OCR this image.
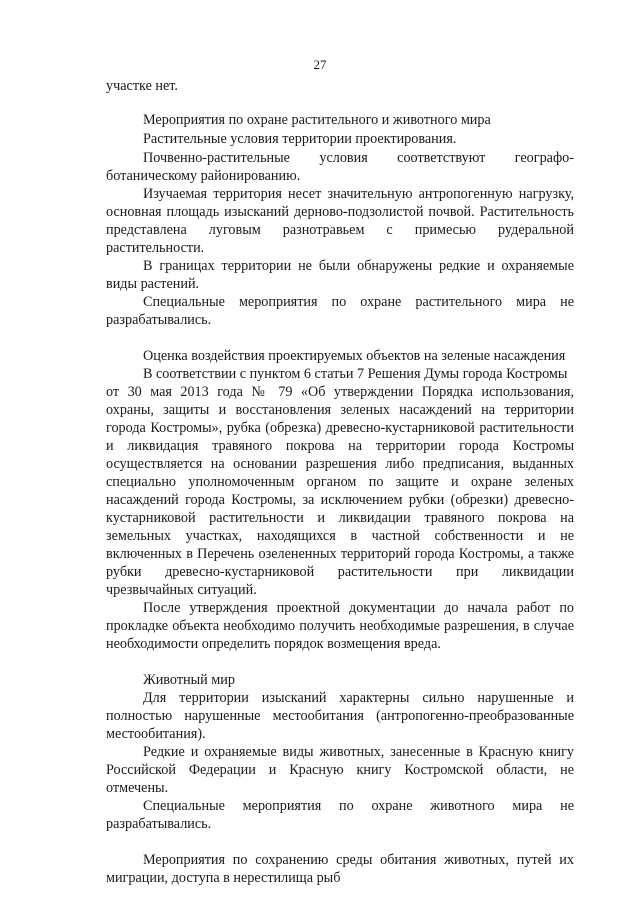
27
участке нет.
Мероприятия по охране растительного и животного мира
Растительные условия территории проектирования.
Почвенно-растительные условия соответствуют географо-
ботаническому районированию.
Изучаемая территория несет значительную антропогенную нагрузку,
основная площадь изысканий дерново-подзолистой почвой. Растительность
представлена луговым разнотравьем с примесью рудеральной
растительности.
В границах территории не были обнаружены редкие и охраняемые
виды растений.
Специальные мероприятия по охране растительного мира не
разрабатывались.
Оценка воздействия проектируемых объектов на зеленые насаждения
В соответствии с пунктом 6 статьи 7 Решения Думы города Костромы
от 30 мая 2013 года № 79 «Об утверждении Порядка использования,
охраны, защиты и восстановления зеленых насаждений на территории
города Костромы», рубка (обрезка) древесно-кустарниковой растительности
и ликвидация травяного покрова на территории города Костромы
осуществляется на основании разрешения либо предписания, выданных
специально уполномоченным органом по защите и охране зеленых
насаждений города Костромы, за исключением рубки (обрезки) древесно-
кустарниковой растительности и ликвидации травяного покрова на
земельных участках, находящихся в частной собственности и не
включенных в Перечень озелененных территорий города Костромы, а также
рубки древесно-кустарниковой растительности при ликвидации
чрезвычайных ситуаций.
После утверждения проектной документации до начала работ по
прокладке объекта необходимо получить необходимые разрешения, в случае
необходимости определить порядок возмещения вреда.
Животный мир
Для территории изысканий характерны сильно нарушенные и
полностью нарушенные местообитания (антропогенно-преобразованные
местообитания).
Редкие и охраняемые виды животных, занесенные в Красную книгу
Российской Федерации и Красную книгу Костромской области, не
отмечены.
Специальные мероприятия по охране животного мира не
разрабатывались.
Мероприятия по сохранению среды обитания животных, путей их
миграции, доступа в нерестилища рыб
